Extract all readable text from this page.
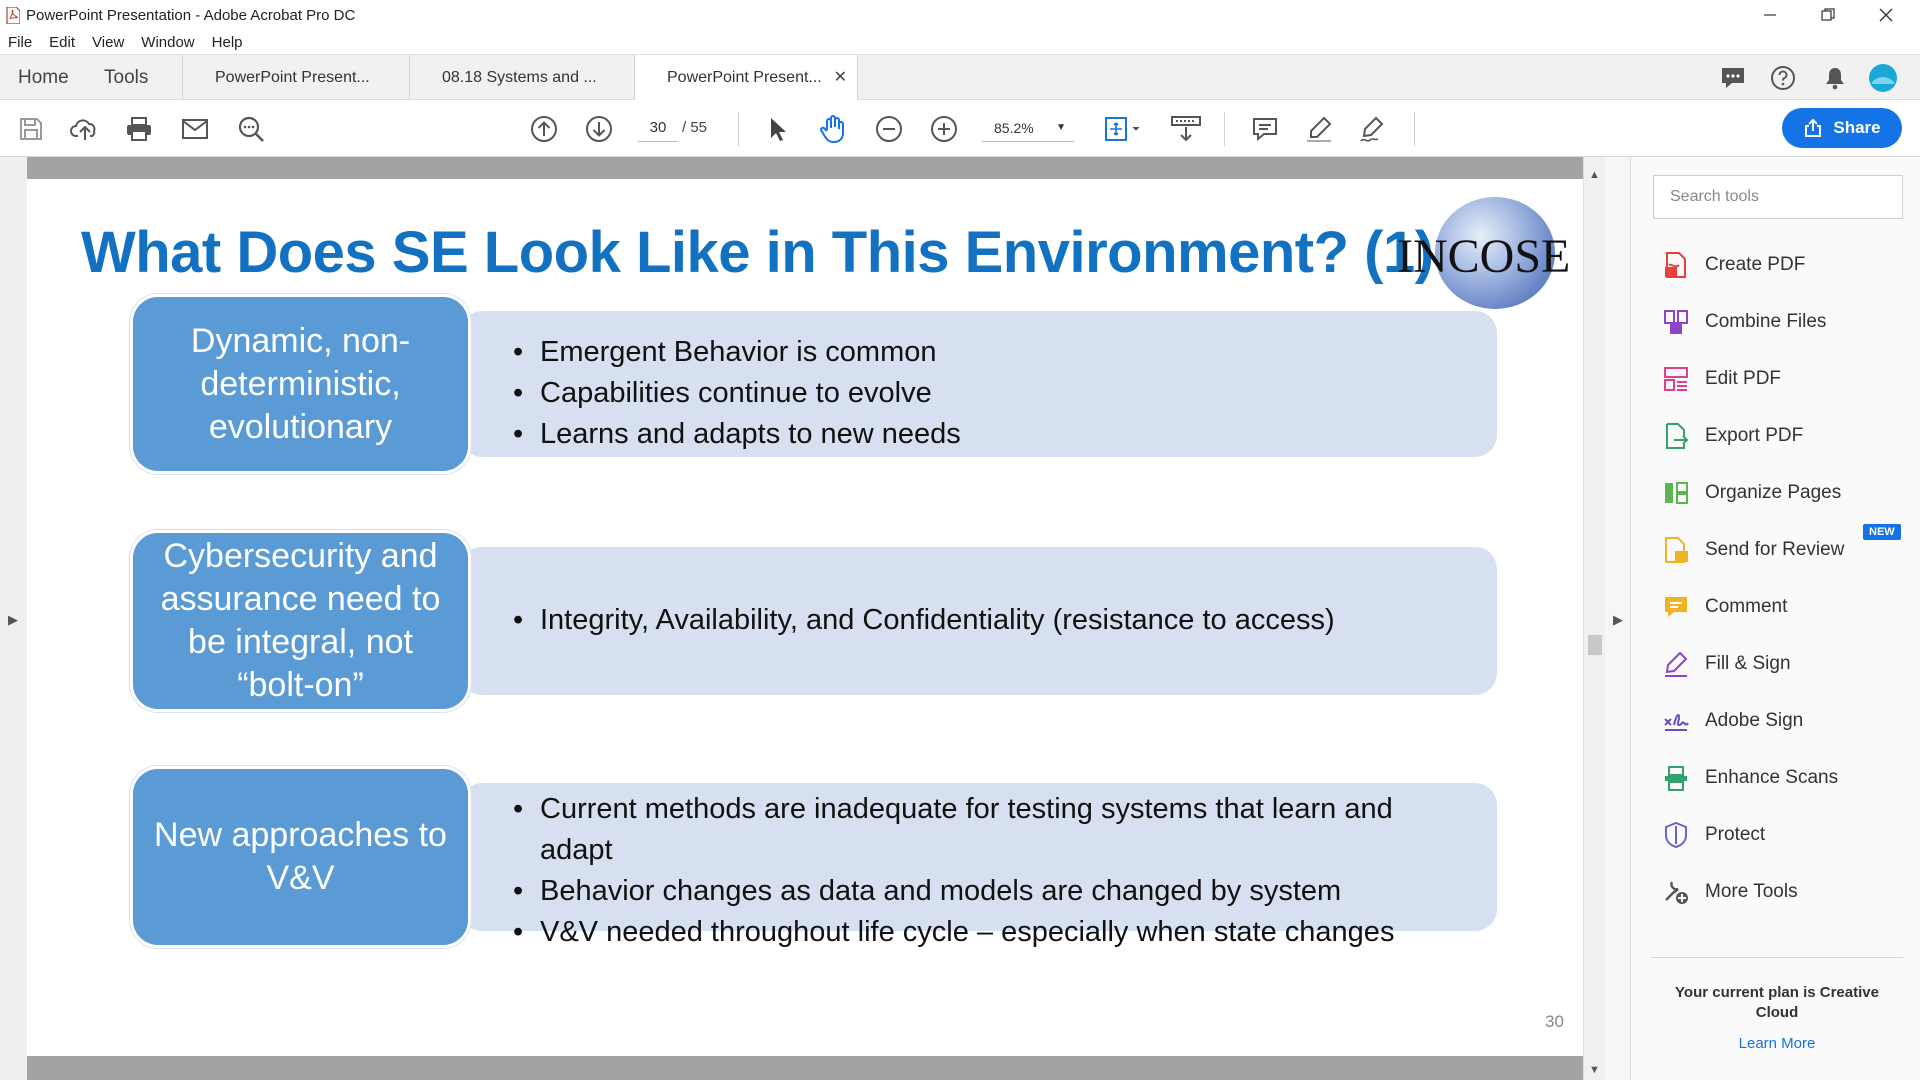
PowerPoint Presentation - Adobe Acrobat Pro DC
File	Edit	View	Window	Help
Home Tools	PowerPoint Present...	08.18 Systems and ...	PowerPoint Present... ✕
30	/ 55	85.2% ▼	Share
▶
What Does SE Look Like in This Environment? (1)
INCOSE
Dynamic, non-deterministic, evolutionary
• Emergent Behavior is common
• Capabilities continue to evolve
• Learns and adapts to new needs
Cybersecurity and assurance need to be integral, not “bolt-on”
• Integrity, Availability, and Confidentiality (resistance to access)
New approaches to V&V
• Current methods are inadequate for testing systems that learn and adapt
• Behavior changes as data and models are changed by system
• V&V needed throughout life cycle – especially when state changes
30
▲
▼
▶
Search tools
Create PDF
Combine Files
Edit PDF
Export PDF
Organize Pages
Send for Review
Comment
Fill & Sign
Adobe Sign
Enhance Scans
Protect
More Tools
NEW
Your current plan is Creative Cloud
Learn More
